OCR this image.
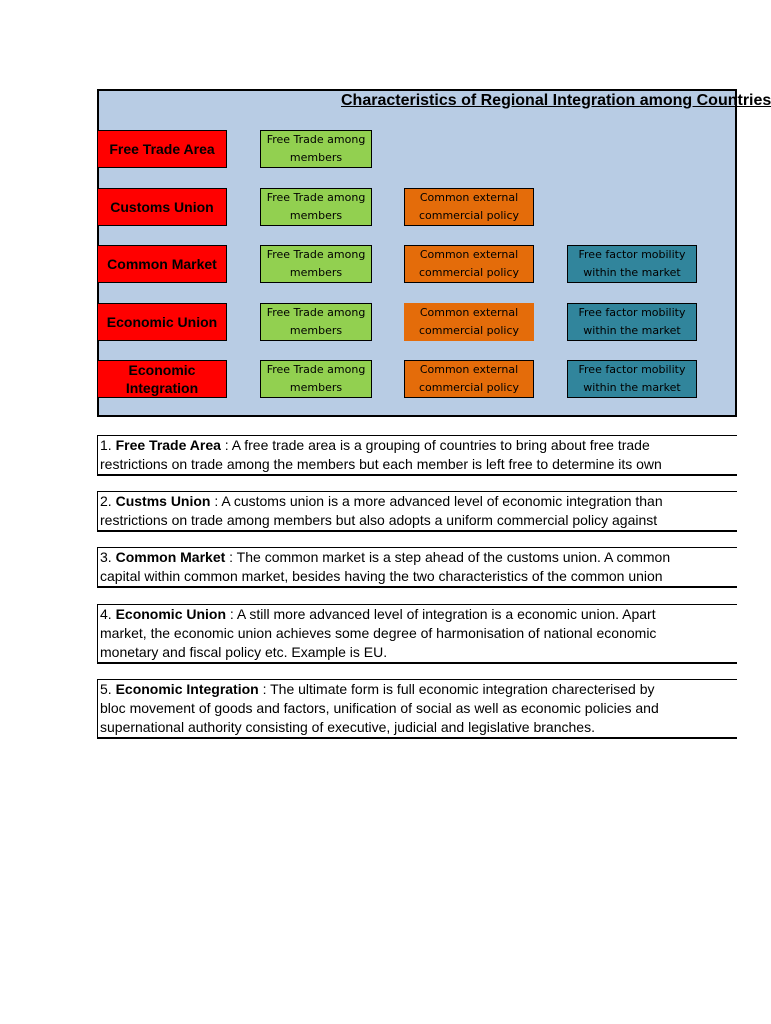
Characteristics of Regional Integration among Countries
Free Trade Area
Free Trade among members
Customs Union
Free Trade among members
Common external commercial policy
Common Market
Free Trade among members
Common external commercial policy
Free factor mobility within the market
Economic Union
Free Trade among members
Common external commercial policy
Free factor mobility within the market
Economic Integration
Free Trade among members
Common external commercial policy
Free factor mobility within the market
1. Free Trade Area : A free trade area is a grouping of countries to bring about free trade
restrictions on trade among the members but each member is left free to determine its own
2. Custms Union : A customs union is a more advanced level of economic integration than
restrictions on trade among members but also adopts a uniform commercial policy against
3. Common Market : The common market is a step ahead of the customs union. A common
capital within common market, besides having the two characteristics of the common union
4. Economic Union : A still more advanced level of integration is a economic union. Apart
market, the economic union achieves some degree of harmonisation of national economic
monetary and fiscal policy etc. Example is EU.
5. Economic Integration : The ultimate form is full economic integration charecterised by
bloc movement of goods and factors, unification of social as well as economic policies and
supernational authority consisting of executive, judicial and legislative branches.
